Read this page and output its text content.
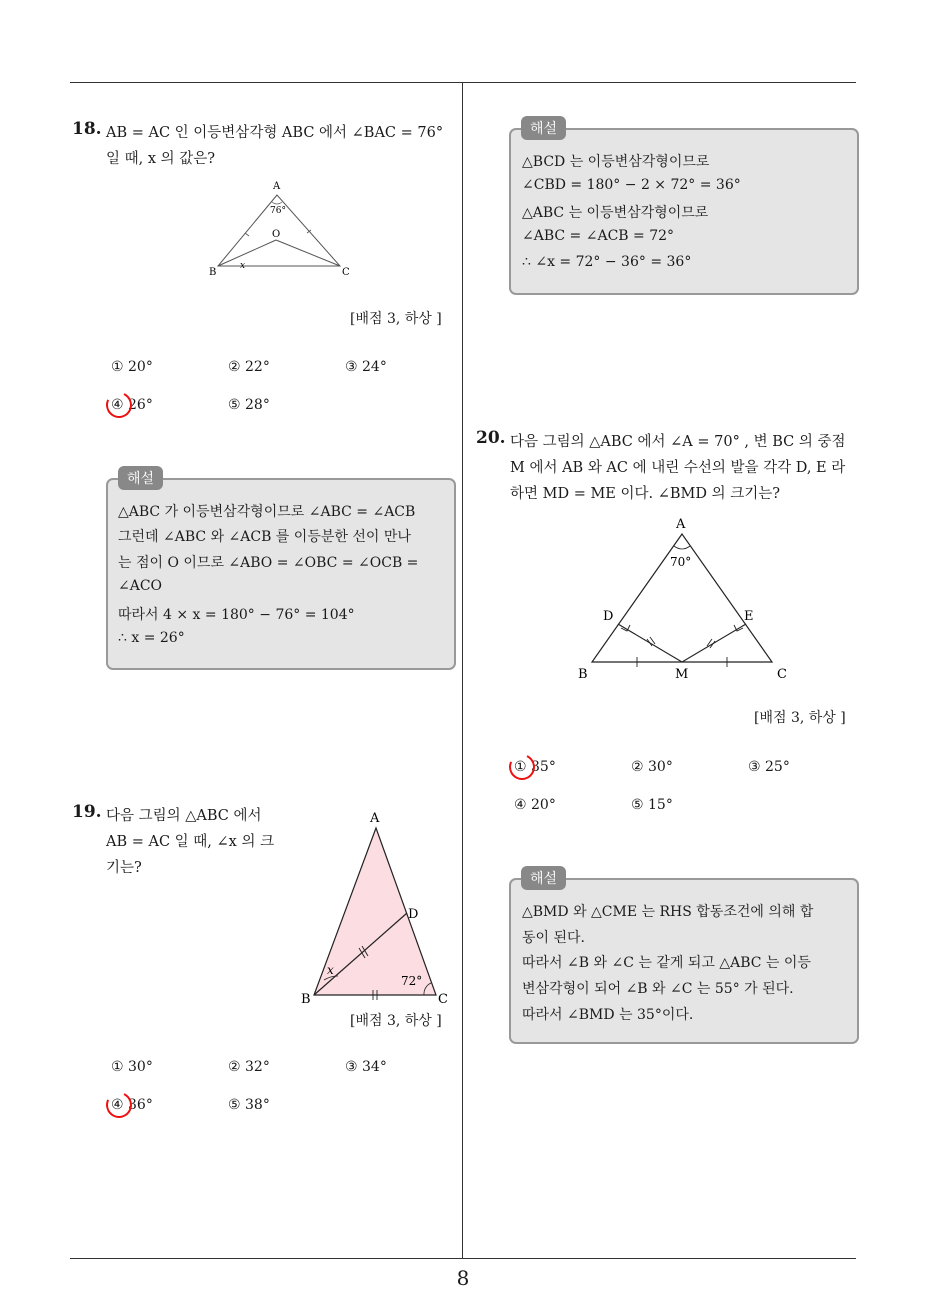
8
18. AB = AC 인 이등변삼각형 ABC 에서 ∠BAC = 76°
일 때, x 의 값은?
A
B	C
O
76°
x
[배점 3, 하상 ]
① 20°	② 22°	③ 24°
④ 26°	⑤ 28°
해설
△ABC 가 이등변삼각형이므로 ∠ABC = ∠ACB
그런데 ∠ABC 와 ∠ACB 를 이등분한 선이 만나
는 점이 O 이므로 ∠ABO = ∠OBC = ∠OCB =
∠ACO
따라서 4 × x = 180° − 76° = 104°
∴ x = 26°
19. 다음 그림의 △ABC 에서
AB = AC 일 때, ∠x 의 크
기는?
A
B	C
D
72°
x
[배점 3, 하상 ]
① 30°	② 32°	③ 34°
④ 36°	⑤ 38°
해설
△BCD 는 이등변삼각형이므로
∠CBD = 180° − 2 × 72° = 36°
△ABC 는 이등변삼각형이므로
∠ABC = ∠ACB = 72°
∴ ∠x = 72° − 36° = 36°
20. 다음 그림의 △ABC 에서 ∠A = 70° , 변 BC 의 중점
M 에서 AB 와 AC 에 내린 수선의 발을 각각 D, E 라
하면 MD = ME 이다. ∠BMD 의 크기는?
A
B	C
D	E
M
70°
[배점 3, 하상 ]
① 35°	② 30°	③ 25°
④ 20°	⑤ 15°
해설
△BMD 와 △CME 는 RHS 합동조건에 의해 합
동이 된다.
따라서 ∠B 와 ∠C 는 같게 되고 △ABC 는 이등
변삼각형이 되어 ∠B 와 ∠C 는 55° 가 된다.
따라서 ∠BMD 는 35°이다.
